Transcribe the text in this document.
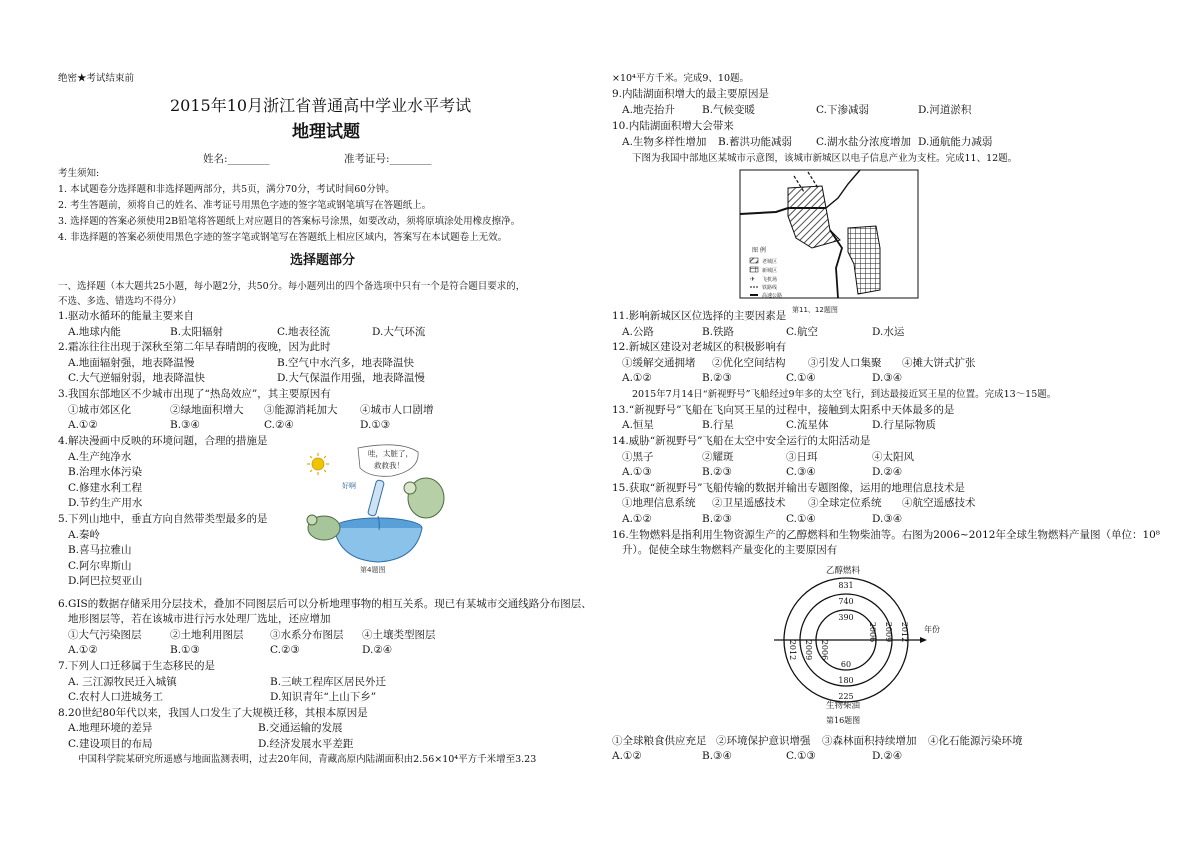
绝密★考试结束前
2015年10月浙江省普通高中学业水平考试
地理试题
姓名:________	准考证号:________
考生须知:
1. 本试题卷分选择题和非选择题两部分，共5页，满分70分，考试时间60分钟。
2. 考生答题前，须将自己的姓名、准考证号用黑色字迹的签字笔或钢笔填写在答题纸上。
3. 选择题的答案必须使用2B铅笔将答题纸上对应题目的答案标号涂黑，如要改动，须将原填涂处用橡皮擦净。
4. 非选择题的答案必须使用黑色字迹的签字笔或钢笔写在答题纸上相应区域内，答案写在本试题卷上无效。
选择题部分
一、选择题（本大题共25小题，每小题2分，共50分。每小题列出的四个备选项中只有一个是符合题目要求的，
不选、多选、错选均不得分）
1.驱动水循环的能量主要来自
A.地球内能	B.太阳辐射	C.地表径流	D.大气环流
2.霜冻往往出现于深秋至第二年早春晴朗的夜晚，因为此时
A.地面辐射强，地表降温慢	B.空气中水汽多，地表降温快
C.大气逆辐射弱，地表降温快	D.大气保温作用强，地表降温慢
3.我国东部地区不少城市出现了“热岛效应”，其主要原因有
①城市郊区化	②绿地面积增大 ③能源消耗加大 ④城市人口剧增
A.①②	B.③④	C.②④	D.①③
4.解决漫画中反映的环境问题，合理的措施是
A.生产纯净水
B.治理水体污染
C.修建水利工程
D.节约生产用水
5.下列山地中，垂直方向自然带类型最多的是
A.秦岭
B.喜马拉雅山
C.阿尔卑斯山
D.阿巴拉契亚山
哇，太脏了，
救救我！
好啊
第4题图
6.GIS的数据存储采用分层技术，叠加不同图层后可以分析地理事物的相互关系。现已有某城市交通线路分布图层、
地形图层等，若在该城市进行污水处理厂选址，还应增加
①大气污染图层	②土地利用图层	③水系分布图层 ④土壤类型图层
A.①②	B.①③	C.②③	D.②④
7.下列人口迁移属于生态移民的是
A. 三江源牧民迁入城镇	B.三峡工程库区居民外迁
C.农村人口进城务工	D.知识青年“上山下乡”
8.20世纪80年代以来，我国人口发生了大规模迁移，其根本原因是
A.地理环境的差异	B.交通运输的发展
C.建设项目的布局	D.经济发展水平差距
中国科学院某研究所遥感与地面监测表明，过去20年间，青藏高原内陆湖面积由2.56×10⁴平方千米增至3.23
×10⁴平方千米。完成9、10题。
9.内陆湖面积增大的最主要原因是
A.地壳抬升	B.气候变暖	C.下渗减弱	D.河道淤积
10.内陆湖面积增大会带来
A.生物多样性增加 B.蓄洪功能减弱 C.湖水盐分浓度增加 D.通航能力减弱
下图为我国中部地区某城市示意图，该城市新城区以电子信息产业为支柱。完成11、12题。
图 例
老城区
新城区
✈ 飞机场
铁路线
高速公路
第11、12题图
11.影响新城区区位选择的主要因素是
A.公路	B.铁路	C.航空	D.水运
12.新城区建设对老城区的积极影响有
①缓解交通拥堵 ②优化空间结构 ③引发人口集聚 ④摊大饼式扩张
A.①②	B.②③	C.①④	D.③④
2015年7月14日“新视野号”飞船经过9年多的太空飞行，到达最接近冥王星的位置。完成13～15题。
13.“新视野号”飞船在飞向冥王星的过程中，接触到太阳系中天体最多的是
A.恒星	B.行星	C.流星体	D.行星际物质
14.威胁“新视野号”飞船在太空中安全运行的太阳活动是
①黑子	②耀斑	③日珥	④太阳风
A.①③	B.②③	C.③④	D.②④
15.获取“新视野号”飞船传输的数据并输出专题图像，运用的地理信息技术是
①地理信息系统 ②卫星遥感技术 ③全球定位系统 ④航空遥感技术
A.①②	B.②③	C.①④	D.③④
16.生物燃料是指利用生物资源生产的乙醇燃料和生物柴油等。右图为2006~2012年全球生物燃料产量图（单位：10⁸
升）。促使全球生物燃料产量变化的主要原因有
乙醇燃料
生物柴油
第16题图
年份
390
2006
740
2009
831
2012
60
2006
180
2009
225
2012
①全球粮食供应充足 ②环境保护意识增强 ③森林面积持续增加 ④化石能源污染环境
A.①②	B.③④	C.①③	D.②④
